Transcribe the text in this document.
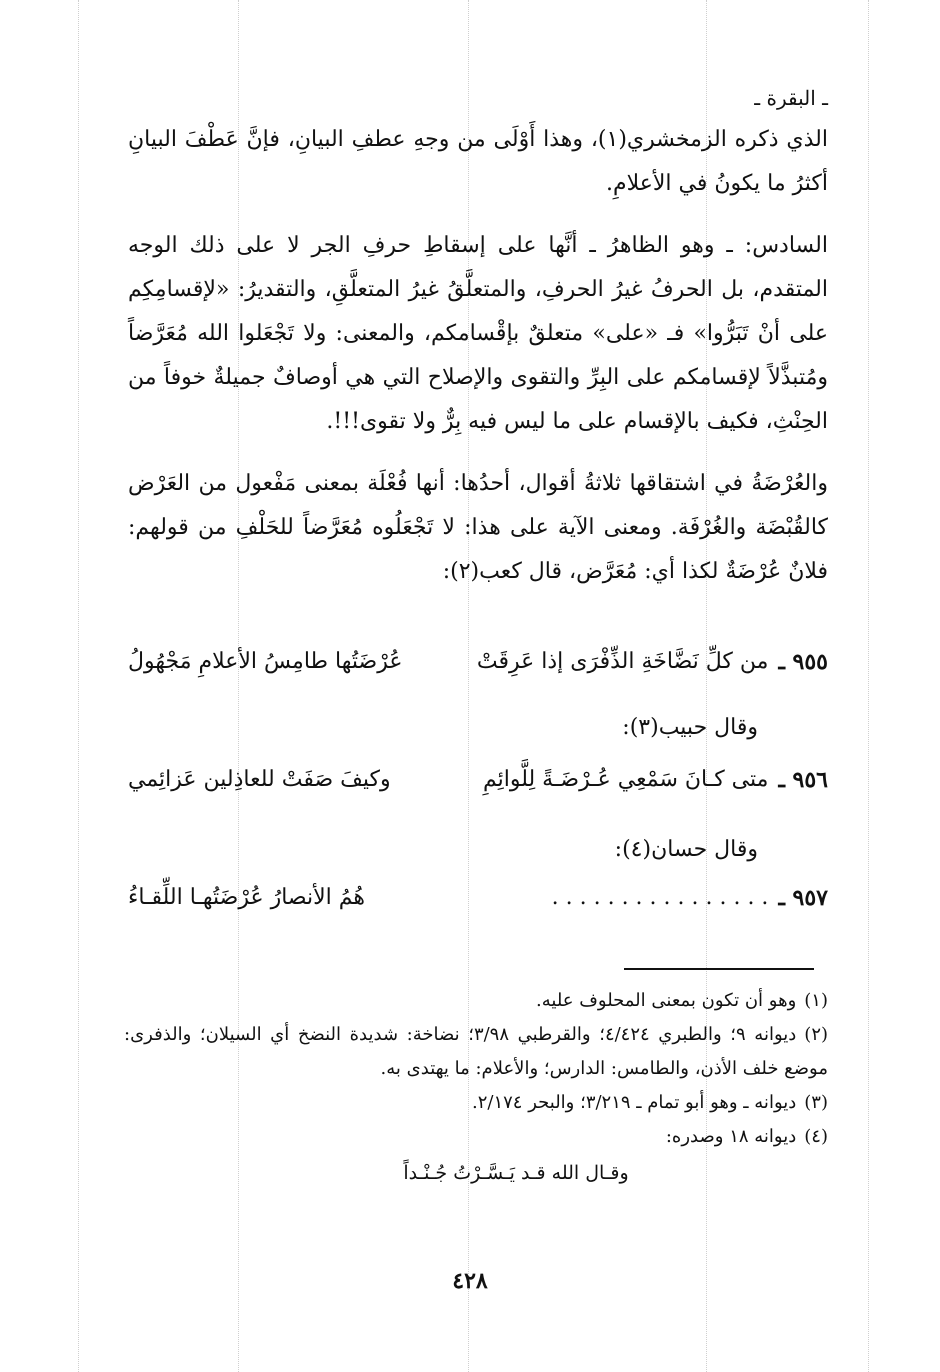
ـ البقرة ـ

الذي ذكره الزمخشري(١)، وهذا أَوْلَى من وجهِ عطفِ البيانِ، فإنَّ عَطْفَ البيانِ أكثرُ ما يكونُ في الأعلامِ.

السادس: ـ وهو الظاهرُ ـ أنَّها على إسقاطِ حرفِ الجر لا على ذلك الوجه المتقدم، بل الحرفُ غيرُ الحرفِ، والمتعلَّقُ غيرُ المتعلَّقِ، والتقديرُ: «لإقسامِكِم على أنْ تَبَرُّوا» فـ «على» متعلقٌ بإقْسامكم، والمعنى: ولا تَجْعَلوا الله مُعَرَّضاً ومُتبذَّلاً لإقسامكم على البِرِّ والتقوى والإصلاح التي هي أوصافٌ جميلةٌ خوفاً من الحِنْثِ، فكيف بالإقسام على ما ليس فيه بِرٌّ ولا تقوى!!!.

والعُرْضَةُ في اشتقاقها ثلاثةُ أقوال، أحدُها: أنها فُعْلَة بمعنى مَفْعول من العَرْض كالقُبْضَة والغُرْفَة. ومعنى الآية على هذا: لا تَجْعَلُوه مُعَرَّضاً للحَلْفِ من قولهم: فلانٌ عُرْضَةٌ لكذا أي: مُعَرَّض، قال كعب(٢):

٩٥٥ ـ
من كلِّ نَضَّاخَةِ الذِّفْرَى إذا عَرِقَتْ
عُرْضَتُها طامِسُ الأعلامِ مَجْهُولُ
وقال حبيب(٣):
٩٥٦ ـ
متى كـانَ سَمْعِي عُـرْضَـةً لِلَّوائِمِ
وكيفَ صَفَتْ للعاذِلين عَزائِمي
وقال حسان(٤):
٩٥٧ ـ
. . . . . . . . . . . . . . . .
هُمُ الأنصارُ عُرْضَتُهـا اللِّقـاءُ

(١)وهو أن تكون بمعنى المحلوف عليه.

(٢)ديوانه ٩؛ والطبري ٤/٤٢٤؛ والقرطبي ٣/٩٨؛ نضاخة: شديدة النضخ أي السيلان؛ والذفرى: موضع خلف الأذن، والطامس: الدارس؛ والأعلام: ما يهتدى به.

(٣)ديوانه ـ وهو أبو تمام ـ ٣/٢١٩؛ والبحر ٢/١٧٤.

(٤)ديوانه ١٨ وصدره:

وقـال الله قـد يَـسَّـرْتُ جُـنْـداً

٤٢٨
